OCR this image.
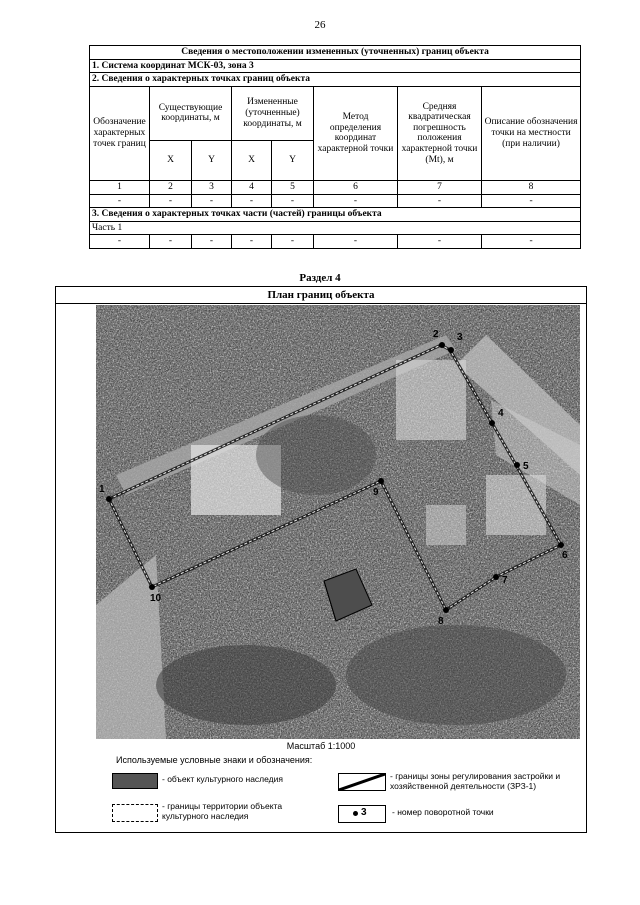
26
Сведения о местоположении измененных (уточненных) границ объекта							
1. Система координат МСК-03, зона 3							
2. Сведения о характерных точках границ объекта							
Обозначение характерных точек границ	Существующие координаты, м		Измененные (уточненные) координаты, м		Метод определения координат характерной точки	Средняя квадратическая погрешность положения характерной точки (Mt), м	Описание обозначения точки на местности (при наличии)
	X	Y	X	Y			
1	2	3	4	5	6	7	8
-	-	-	-	-	-	-	-
3. Сведения о характерных точках части (частей) границы объекта							
Часть 1							
-	-	-	-	-	-	-	-
Раздел 4
План границ объекта
1
2 3
4
5
6
7
8
9
10
Масштаб 1:1000
Используемые условные знаки и обозначения:
- объект культурного наследия
- границы территории объекта культурного наследия
- границы зоны регулирования застройки и хозяйственной деятельности (ЗРЗ-1)
3	- номер поворотной точки
